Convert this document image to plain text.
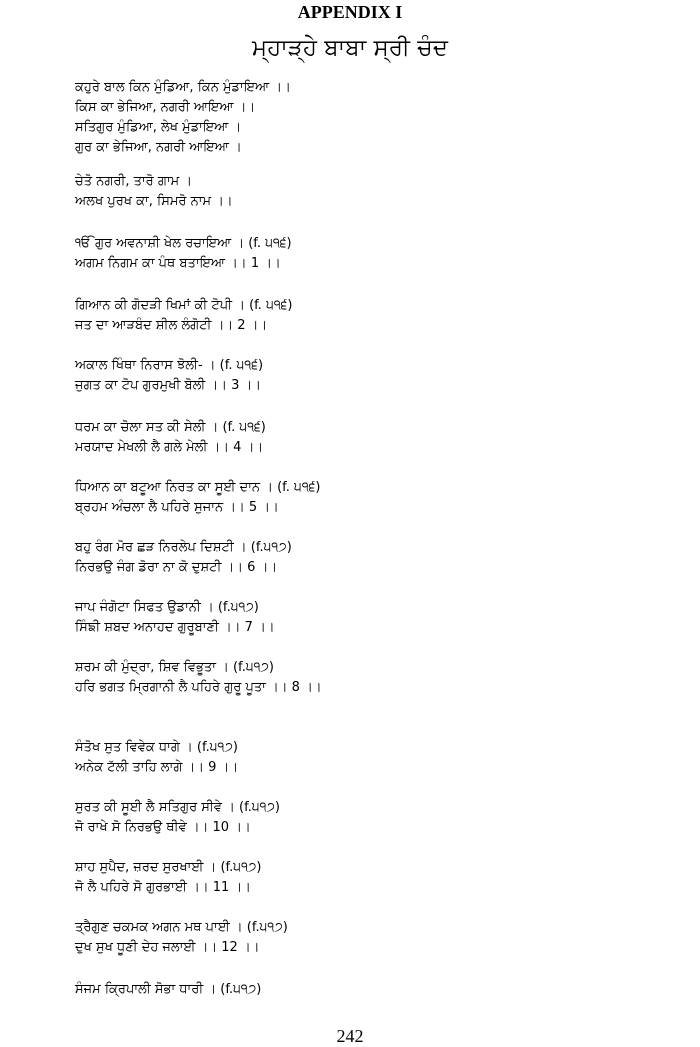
APPENDIX I
ਮ੍ਹਾੜ੍ਹੇ ਬਾਬਾ ਸ੍ਰੀ ਚੰਦ
ਕਹੁਰੇ ਬਾਲ ਕਿਨ ਮੁੰਡਿਆ, ਕਿਨ ਮੁੰਡਾਇਆ ।।
ਕਿਸ ਕਾ ਭੇਜਿਆ, ਨਗਰੀ ਆਇਆ ।।
ਸਤਿਗੁਰ ਮੁੰਡਿਆ, ਲੇਖ ਮੁੰਡਾਇਆ ।
ਗੁਰ ਕਾ ਭੇਜਿਆ, ਨਗਰੀ ਆਇਆ ।
ਚੇਤੋ ਨਗਰੀ, ਤਾਰੋ ਗਾਮ ।
ਅਲਖ ਪੁਰਖ ਕਾ, ਸਿਮਰੋ ਨਾਮ ।।
ੴ ਗੁਰ ਅਵਨਾਸ਼ੀ ਖੇਲ ਰਚਾਇਆ । (f. ੫੧੬)
ਅਗਮ ਨਿਗਮ ਕਾ ਪੰਥ ਬਤਾਇਆ ।। 1 ।।
ਗਿਆਨ ਕੀ ਗੋਦੜੀ ਖਿਮਾਂ ਕੀ ਟੋਪੀ । (f. ੫੧੬)
ਜਤ ਦਾ ਆੜਬੰਦ ਸ਼ੀਲ ਲੰਗੋਟੀ ।। 2 ।।
ਅਕਾਲ ਖਿੰਥਾ ਨਿਰਾਸ ਝੋਲੀ- । (f. ੫੧੬)
ਜੁਗਤ ਕਾ ਟੋਪ ਗੁਰਮੁਖੀ ਬੋਲੀ ।। 3 ।।
ਧਰਮ ਕਾ ਚੋਲਾ ਸਤ ਕੀ ਸੇਲੀ । (f. ੫੧੬)
ਮਰਯਾਦ ਮੇਖਲੀ ਲੈ ਗਲੇ ਮੇਲੀ ।। 4 ।।
ਧਿਆਨ ਕਾ ਬਟੂਆ ਨਿਰਤ ਕਾ ਸੂਈ ਦਾਨ । (f. ੫੧੬)
ਬ੍ਰਹਮ ਅੰਚਲਾ ਲੈ ਪਹਿਰੇ ਸੁਜਾਨ ।। 5 ।।
ਬਹੁ ਰੰਗ ਮੋਰ ਛੜ ਨਿਰਲੇਪ ਦਿਸ਼ਟੀ । (f.੫੧੭)
ਨਿਰਭਉ ਜੰਗ ਡੋਰਾ ਨਾ ਕੋ ਦੁਸ਼ਟੀ ।। 6 ।।
ਜਾਪ ਜੰਗੋਟਾ ਸਿਫਤ ਉਡਾਨੀ । (f.੫੧੭)
ਸਿੰਙੀ ਸ਼ਬਦ ਅਨਾਹਦ ਗੁਰੂਬਾਣੀ ।। 7 ।।
ਸ਼ਰਮ ਕੀ ਮੁੰਦ੍ਰਾ, ਸ਼ਿਵ ਵਿਭੂਤਾ । (f.੫੧੭)
ਹਰਿ ਭਗਤ ਮ੍ਰਿਗਾਨੀ ਲੈ ਪਹਿਰੇ ਗੁਰੂ ਪੂਤਾ ।। 8 ।।
ਸੰਤੋਖ ਸੁਤ ਵਿਵੇਕ ਧਾਗੇ । (f.੫੧੭)
ਅਨੇਕ ਟੱਲੀ ਤਾਹਿ ਲਾਗੇ ।। 9 ।।
ਸੁਰਤ ਕੀ ਸੂਈ ਲੈ ਸਤਿਗੁਰ ਸੀਵੇ । (f.੫੧੭)
ਜੋ ਰਾਖੇ ਸੋ ਨਿਰਭਉ ਥੀਵੇ ।। 10 ।।
ਸ਼ਾਹ ਸੁਪੈਦ, ਜ਼ਰਦ ਸੁਰਖਾਈ । (f.੫੧੭)
ਜੋ ਲੈ ਪਹਿਰੇ ਸੋ ਗੁਰਭਾਈ ।। 11 ।।
ਤ੍ਰੈਗੁਣ ਚਕਮਕ ਅਗਨ ਮਥ ਪਾਈ । (f.੫੧੭)
ਦੁਖ ਸੁਖ ਧੂਣੀ ਦੇਹ ਜਲਾਈ ।। 12 ।।
ਸੰਜਮ ਕ੍ਰਿਪਾਲੀ ਸੋਭਾ ਧਾਰੀ । (f.੫੧੭)
242
